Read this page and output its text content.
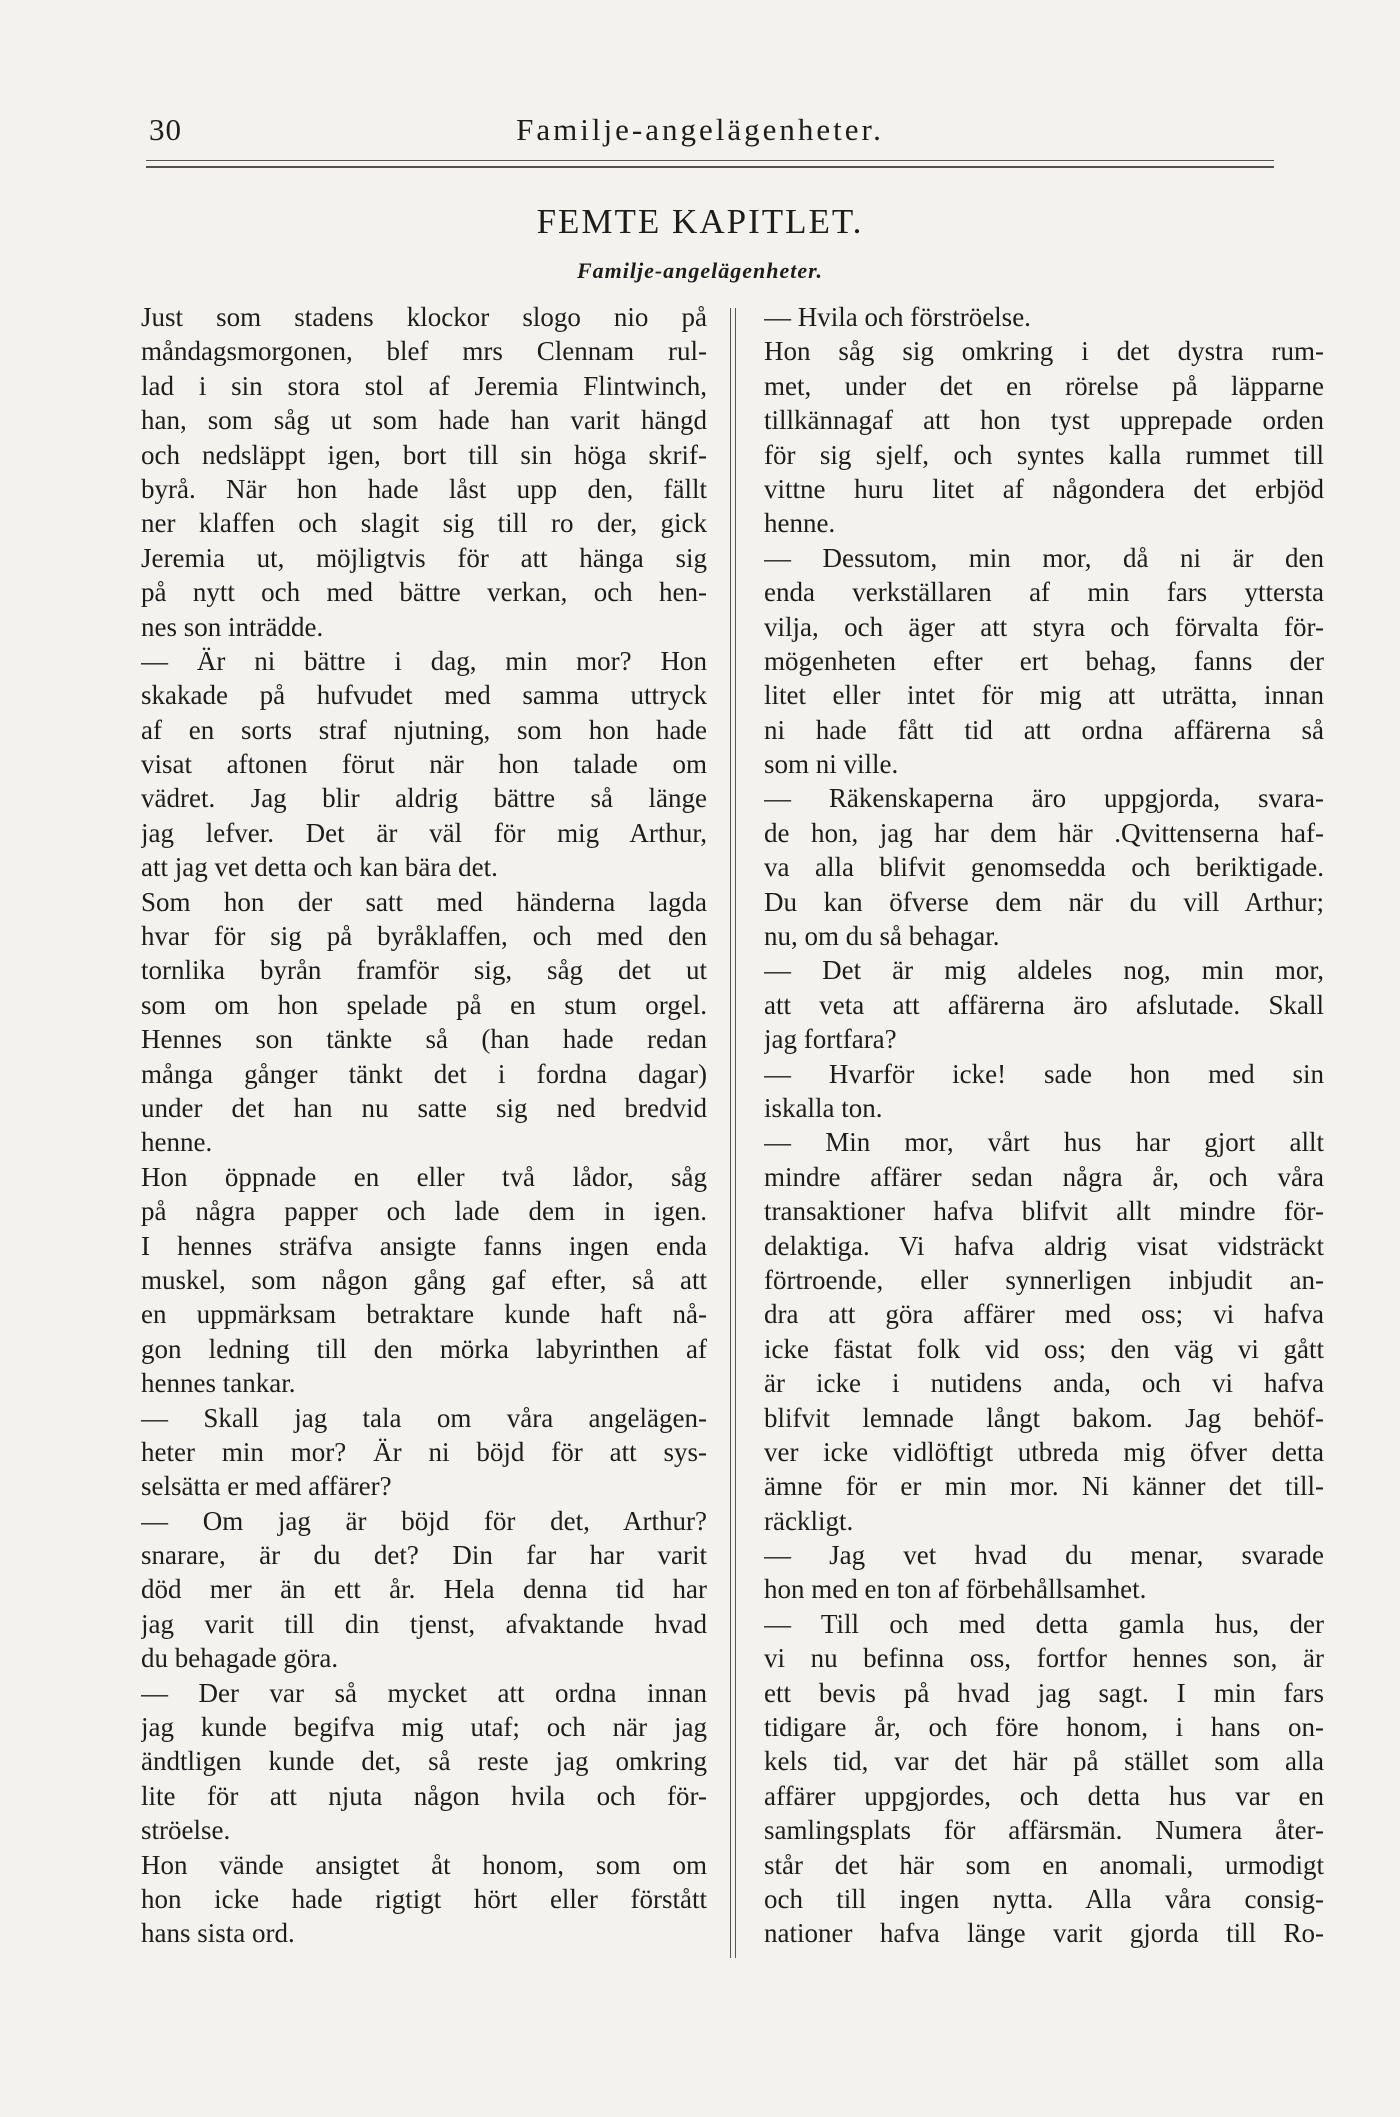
30	Familje-angelägenheter.
FEMTE KAPITLET.
Familje-angelägenheter.
Just som stadens klockor slogo nio på
måndagsmorgonen, blef mrs Clennam rul-
lad i sin stora stol af Jeremia Flintwinch,
han, som såg ut som hade han varit hängd
och nedsläppt igen, bort till sin höga skrif-
byrå. När hon hade låst upp den, fällt
ner klaffen och slagit sig till ro der, gick
Jeremia ut, möjligtvis för att hänga sig
på nytt och med bättre verkan, och hen-
nes son inträdde.
— Är ni bättre i dag, min mor? Hon
skakade på hufvudet med samma uttryck
af en sorts straf njutning, som hon hade
visat aftonen förut när hon talade om
vädret. Jag blir aldrig bättre så länge
jag lefver. Det är väl för mig Arthur,
att jag vet detta och kan bära det.
Som hon der satt med händerna lagda
hvar för sig på byråklaffen, och med den
tornlika byrån framför sig, såg det ut
som om hon spelade på en stum orgel.
Hennes son tänkte så (han hade redan
många gånger tänkt det i fordna dagar)
under det han nu satte sig ned bredvid
henne.
Hon öppnade en eller två lådor, såg
på några papper och lade dem in igen.
I hennes sträfva ansigte fanns ingen enda
muskel, som någon gång gaf efter, så att
en uppmärksam betraktare kunde haft nå-
gon ledning till den mörka labyrinthen af
hennes tankar.
— Skall jag tala om våra angelägen-
heter min mor? Är ni böjd för att sys-
selsätta er med affärer?
— Om jag är böjd för det, Arthur?
snarare, är du det? Din far har varit
död mer än ett år. Hela denna tid har
jag varit till din tjenst, afvaktande hvad
du behagade göra.
— Der var så mycket att ordna innan
jag kunde begifva mig utaf; och när jag
ändtligen kunde det, så reste jag omkring
lite för att njuta någon hvila och för-
ströelse.
Hon vände ansigtet åt honom, som om
hon icke hade rigtigt hört eller förstått
hans sista ord.
— Hvila och förströelse.
Hon såg sig omkring i det dystra rum-
met, under det en rörelse på läpparne
tillkännagaf att hon tyst upprepade orden
för sig sjelf, och syntes kalla rummet till
vittne huru litet af någondera det erbjöd
henne.
— Dessutom, min mor, då ni är den
enda verkställaren af min fars yttersta
vilja, och äger att styra och förvalta för-
mögenheten efter ert behag, fanns der
litet eller intet för mig att uträtta, innan
ni hade fått tid att ordna affärerna så
som ni ville.
— Räkenskaperna äro uppgjorda, svara-
de hon, jag har dem här .Qvittenserna haf-
va alla blifvit genomsedda och beriktigade.
Du kan öfverse dem när du vill Arthur;
nu, om du så behagar.
— Det är mig aldeles nog, min mor,
att veta att affärerna äro afslutade. Skall
jag fortfara?
— Hvarför icke! sade hon med sin
iskalla ton.
— Min mor, vårt hus har gjort allt
mindre affärer sedan några år, och våra
transaktioner hafva blifvit allt mindre för-
delaktiga. Vi hafva aldrig visat vidsträckt
förtroende, eller synnerligen inbjudit an-
dra att göra affärer med oss; vi hafva
icke fästat folk vid oss; den väg vi gått
är icke i nutidens anda, och vi hafva
blifvit lemnade långt bakom. Jag behöf-
ver icke vidlöftigt utbreda mig öfver detta
ämne för er min mor. Ni känner det till-
räckligt.
— Jag vet hvad du menar, svarade
hon med en ton af förbehållsamhet.
— Till och med detta gamla hus, der
vi nu befinna oss, fortfor hennes son, är
ett bevis på hvad jag sagt. I min fars
tidigare år, och före honom, i hans on-
kels tid, var det här på stället som alla
affärer uppgjordes, och detta hus var en
samlingsplats för affärsmän. Numera åter-
står det här som en anomali, urmodigt
och till ingen nytta. Alla våra consig-
nationer hafva länge varit gjorda till Ro-
